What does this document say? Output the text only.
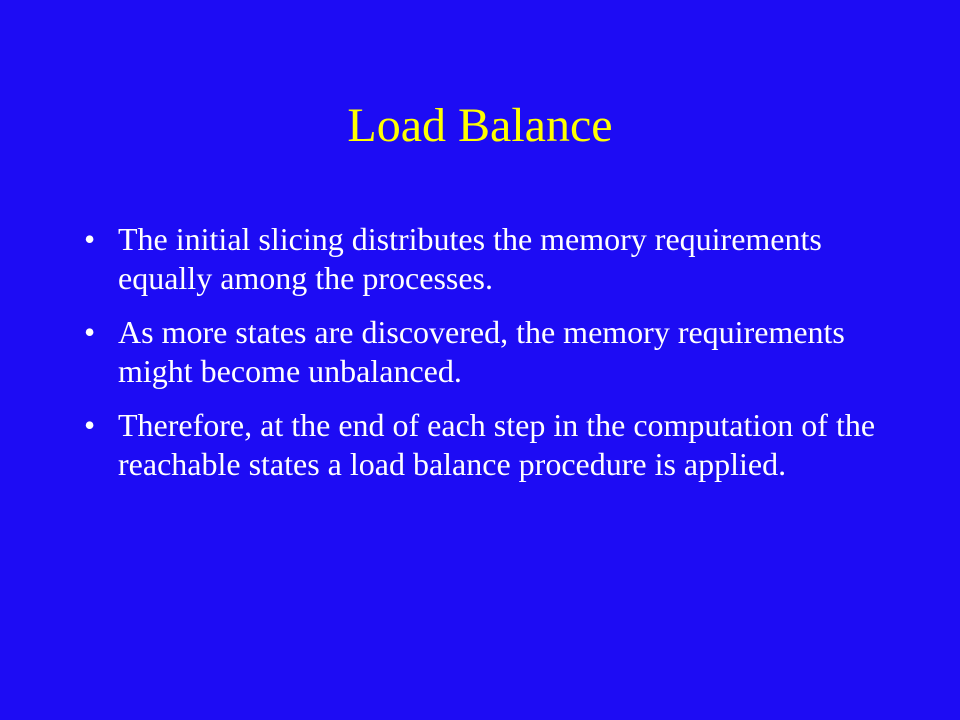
Load Balance
• The initial slicing distributes the memory requirements equally among the processes.
• As more states are discovered, the memory requirements might become unbalanced.
• Therefore, at the end of each step in the computation of the reachable states a load balance procedure is applied.
